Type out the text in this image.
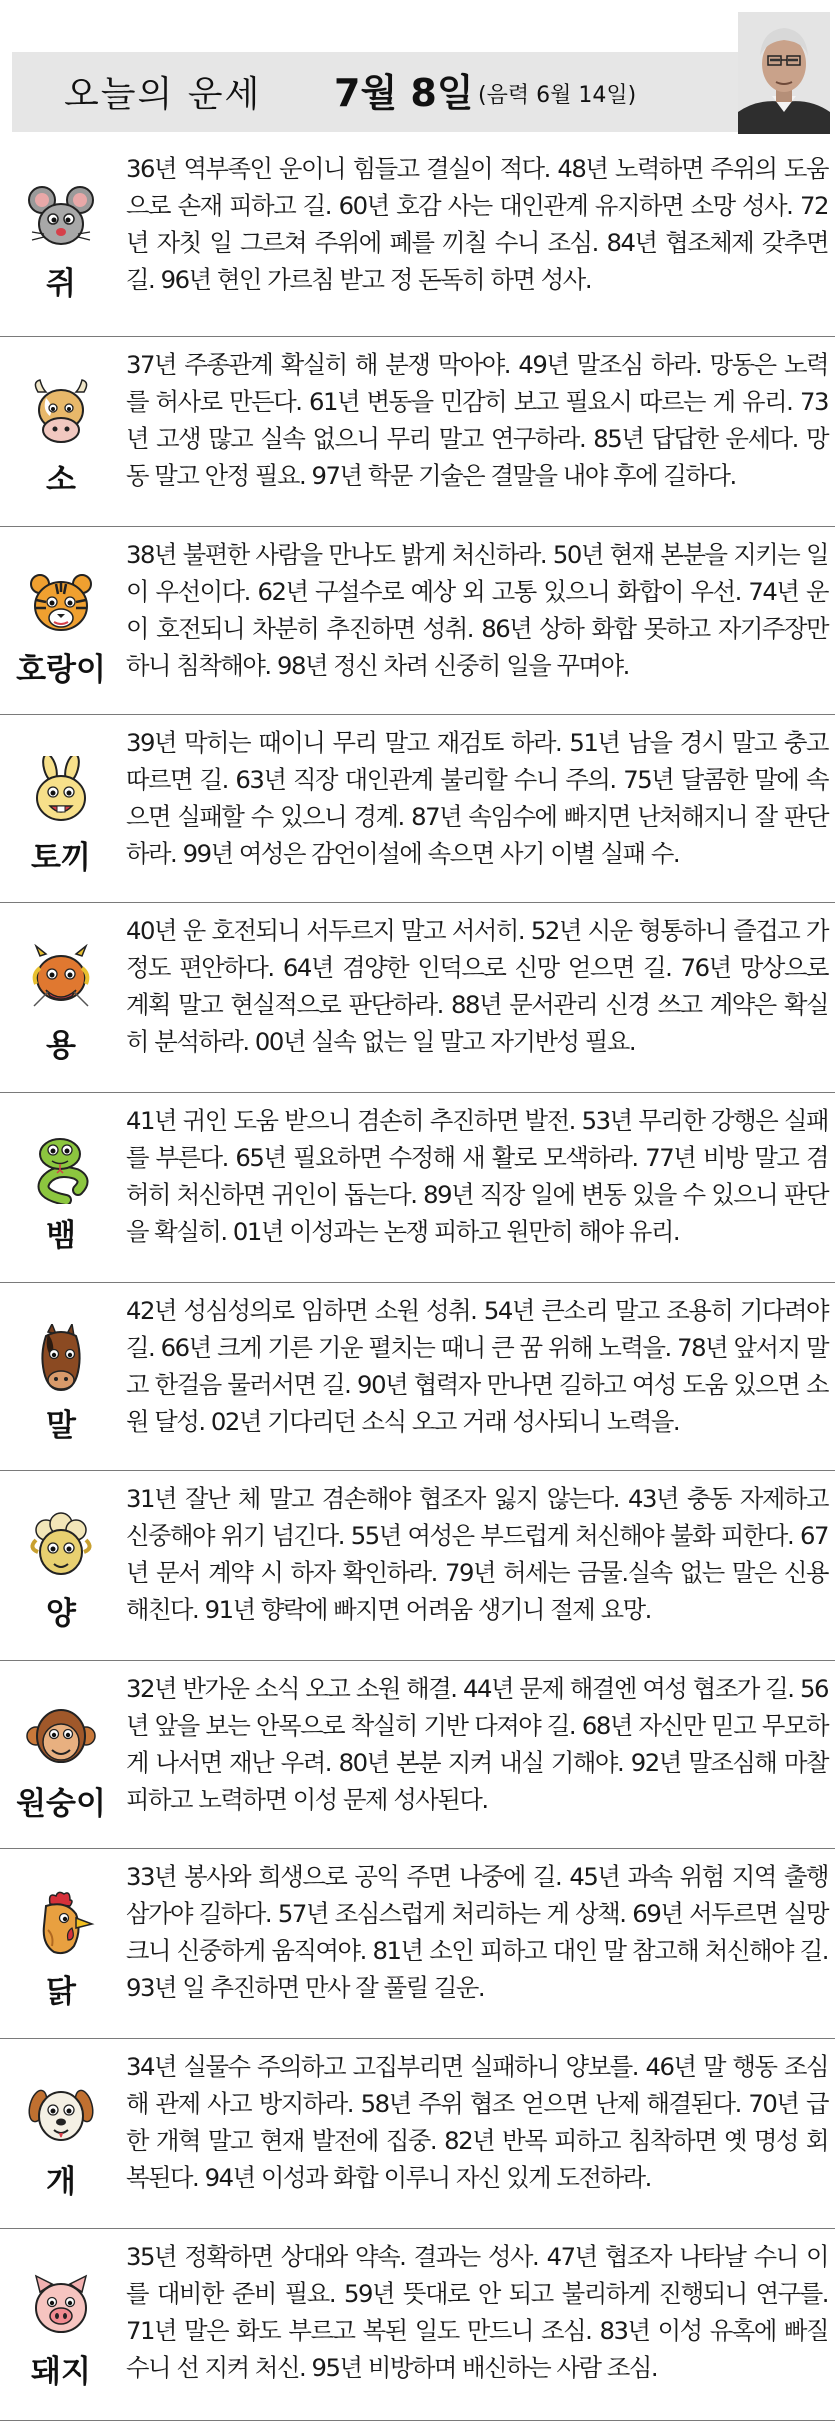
오늘의 운세 7월 8일 (음력 6월 14일)
쥐
36년 역부족인 운이니 힘들고 결실이 적다. 48년 노력하면 주위의 도움으로 손재 피하고 길. 60년 호감 사는 대인관계 유지하면 소망 성사. 72년 자칫 일 그르쳐 주위에 폐를 끼칠 수니 조심. 84년 협조체제 갖추면 길. 96년 현인 가르침 받고 정 돈독히 하면 성사.
소
37년 주종관계 확실히 해 분쟁 막아야. 49년 말조심 하라. 망동은 노력를 허사로 만든다. 61년 변동을 민감히 보고 필요시 따르는 게 유리. 73년 고생 많고 실속 없으니 무리 말고 연구하라. 85년 답답한 운세다. 망동 말고 안정 필요. 97년 학문 기술은 결말을 내야 후에 길하다.
호랑이
38년 불편한 사람을 만나도 밝게 처신하라. 50년 현재 본분을 지키는 일이 우선이다. 62년 구설수로 예상 외 고통 있으니 화합이 우선. 74년 운이 호전되니 차분히 추진하면 성취. 86년 상하 화합 못하고 자기주장만 하니 침착해야. 98년 정신 차려 신중히 일을 꾸며야.
토끼
39년 막히는 때이니 무리 말고 재검토 하라. 51년 남을 경시 말고 충고 따르면 길. 63년 직장 대인관계 불리할 수니 주의. 75년 달콤한 말에 속으면 실패할 수 있으니 경계. 87년 속임수에 빠지면 난처해지니 잘 판단하라. 99년 여성은 감언이설에 속으면 사기 이별 실패 수.
용
40년 운 호전되니 서두르지 말고 서서히. 52년 시운 형통하니 즐겁고 가정도 편안하다. 64년 겸양한 인덕으로 신망 얻으면 길. 76년 망상으로 계획 말고 현실적으로 판단하라. 88년 문서관리 신경 쓰고 계약은 확실히 분석하라. 00년 실속 없는 일 말고 자기반성 필요.
뱀
41년 귀인 도움 받으니 겸손히 추진하면 발전. 53년 무리한 강행은 실패를 부른다. 65년 필요하면 수정해 새 활로 모색하라. 77년 비방 말고 겸허히 처신하면 귀인이 돕는다. 89년 직장 일에 변동 있을 수 있으니 판단을 확실히. 01년 이성과는 논쟁 피하고 원만히 해야 유리.
말
42년 성심성의로 임하면 소원 성취. 54년 큰소리 말고 조용히 기다려야 길. 66년 크게 기른 기운 펼치는 때니 큰 꿈 위해 노력을. 78년 앞서지 말고 한걸음 물러서면 길. 90년 협력자 만나면 길하고 여성 도움 있으면 소원 달성. 02년 기다리던 소식 오고 거래 성사되니 노력을.
양
31년 잘난 체 말고 겸손해야 협조자 잃지 않는다. 43년 충동 자제하고 신중해야 위기 넘긴다. 55년 여성은 부드럽게 처신해야 불화 피한다. 67년 문서 계약 시 하자 확인하라. 79년 허세는 금물.실속 없는 말은 신용 해친다. 91년 향락에 빠지면 어려움 생기니 절제 요망.
원숭이
32년 반가운 소식 오고 소원 해결. 44년 문제 해결엔 여성 협조가 길. 56년 앞을 보는 안목으로 착실히 기반 다져야 길. 68년 자신만 믿고 무모하게 나서면 재난 우려. 80년 본분 지켜 내실 기해야. 92년 말조심해 마찰 피하고 노력하면 이성 문제 성사된다.
닭
33년 봉사와 희생으로 공익 주면 나중에 길. 45년 과속 위험 지역 출행 삼가야 길하다. 57년 조심스럽게 처리하는 게 상책. 69년 서두르면 실망 크니 신중하게 움직여야. 81년 소인 피하고 대인 말 참고해 처신해야 길. 93년 일 추진하면 만사 잘 풀릴 길운.
개
34년 실물수 주의하고 고집부리면 실패하니 양보를. 46년 말 행동 조심해 관제 사고 방지하라. 58년 주위 협조 얻으면 난제 해결된다. 70년 급한 개혁 말고 현재 발전에 집중. 82년 반목 피하고 침착하면 옛 명성 회복된다. 94년 이성과 화합 이루니 자신 있게 도전하라.
돼지
35년 정확하면 상대와 약속. 결과는 성사. 47년 협조자 나타날 수니 이를 대비한 준비 필요. 59년 뜻대로 안 되고 불리하게 진행되니 연구를. 71년 말은 화도 부르고 복된 일도 만드니 조심. 83년 이성 유혹에 빠질 수니 선 지켜 처신. 95년 비방하며 배신하는 사람 조심.
